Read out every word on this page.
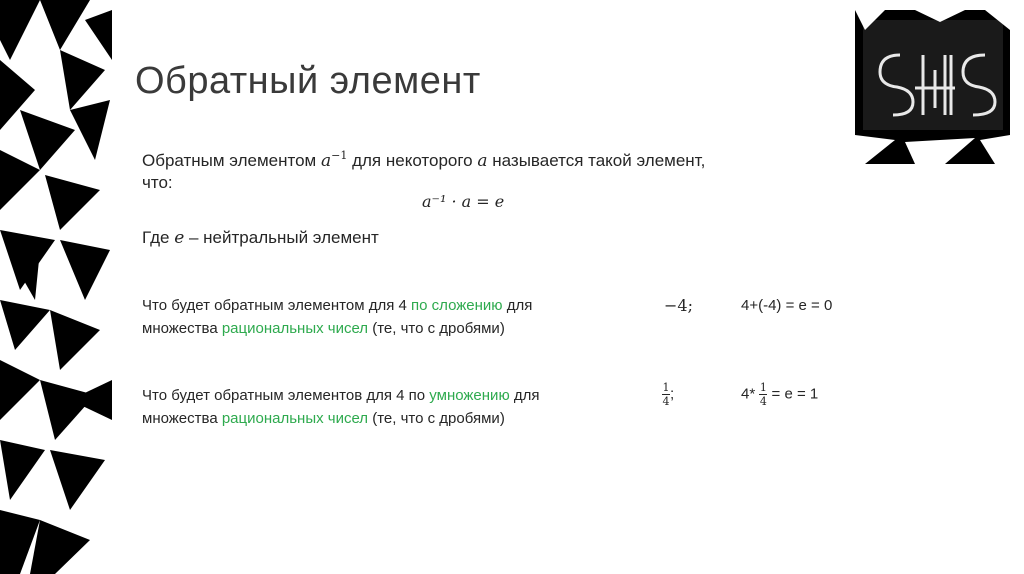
Обратный элемент
Обратным элементом $a^{-1}$ для некоторого a называется такой элемент,
что:
a⁻¹ · a = e
Где e – нейтральный элемент
Что будет обратным элементом для 4 по сложению для
множества рациональных чисел (те, что с дробями)
−4;	4+(-4) = e = 0
Что будет обратным элементов для 4 по умножению для
множества рациональных чисел (те, что с дробями)
$\frac{1}{4}$ ;	$4* \frac{1}{4} = e = 1$
